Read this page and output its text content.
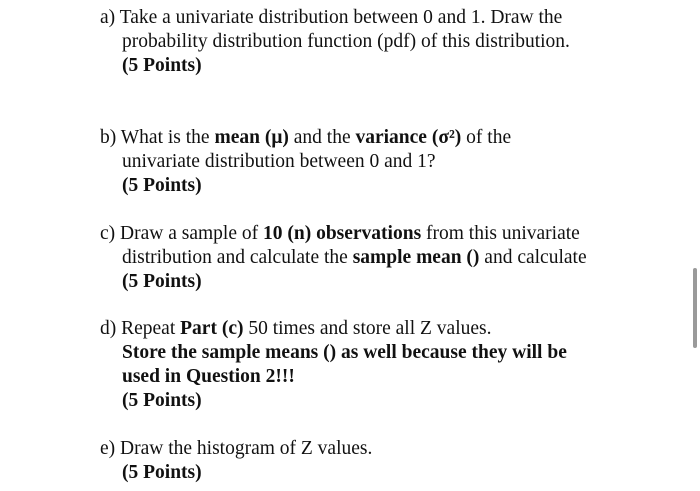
a) Take a univariate distribution between 0 and 1. Draw the
probability distribution function (pdf) of this distribution.
(5 Points)
b) What is the mean (μ) and the variance (σ²) of the
univariate distribution between 0 and 1?
(5 Points)
c) Draw a sample of 10 (n) observations from this univariate
distribution and calculate the sample mean () and calculate
(5 Points)
d) Repeat Part (c) 50 times and store all Z values.
Store the sample means () as well because they will be
used in Question 2!!!
(5 Points)
e) Draw the histogram of Z values.
(5 Points)
